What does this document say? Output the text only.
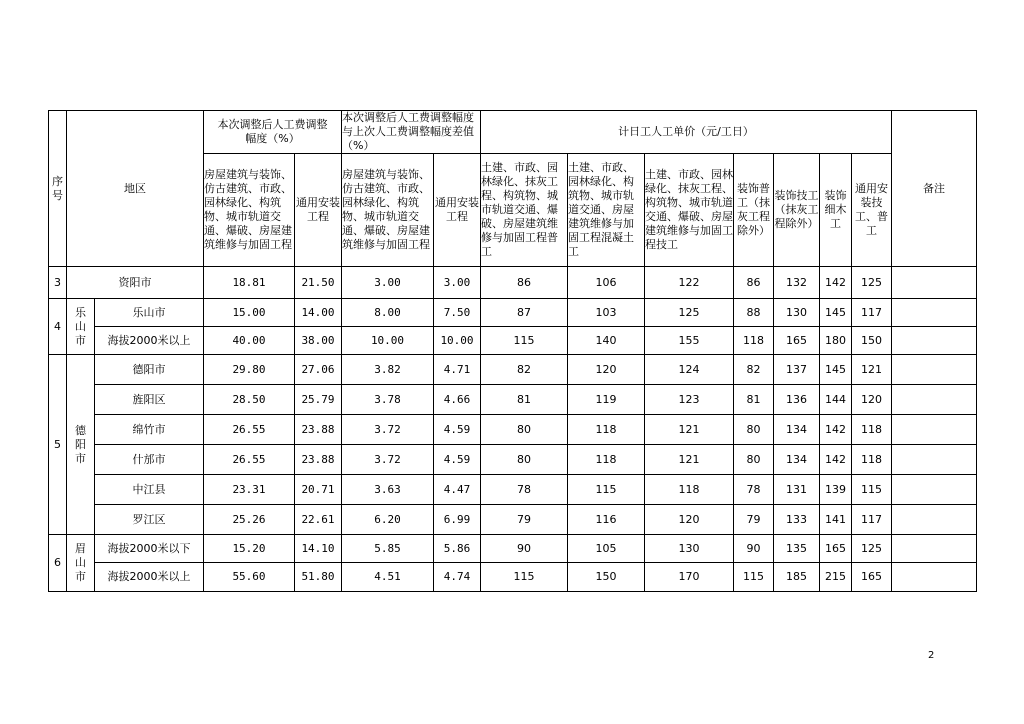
序号	地区		本次调整后人工费调整幅度（%）		本次调整后人工费调整幅度与上次人工费调整幅度差值（%）		计日工人工单价（元/工日）							备注
			房屋建筑与装饰、仿古建筑、市政、园林绿化、构筑物、城市轨道交通、爆破、房屋建筑维修与加固工程	通用安装工程	房屋建筑与装饰、仿古建筑、市政、园林绿化、构筑物、城市轨道交通、爆破、房屋建筑维修与加固工程	通用安装工程	土建、市政、园林绿化、抹灰工程、构筑物、城市轨道交通、爆破、房屋建筑维修与加固工程普工	土建、市政、园林绿化、构筑物、城市轨道交通、房屋建筑维修与加固工程混凝土工	土建、市政、园林绿化、抹灰工程、构筑物、城市轨道交通、爆破、房屋建筑维修与加固工程技工	装饰普工（抹灰工程除外）	装饰技工（抹灰工程除外）	装饰细木工	通用安装技工、普工	
3	资阳市		18.81	21.50	3.00	3.00	86	106	122	86	132	142	125	
4	乐山市	乐山市	15.00	14.00	8.00	7.50	87	103	125	88	130	145	117	
		海拔2000米以上	40.00	38.00	10.00	10.00	115	140	155	118	165	180	150	
5	德阳市	德阳市	29.80	27.06	3.82	4.71	82	120	124	82	137	145	121	
		旌阳区	28.50	25.79	3.78	4.66	81	119	123	81	136	144	120	
		绵竹市	26.55	23.88	3.72	4.59	80	118	121	80	134	142	118	
		什邡市	26.55	23.88	3.72	4.59	80	118	121	80	134	142	118	
		中江县	23.31	20.71	3.63	4.47	78	115	118	78	131	139	115	
		罗江区	25.26	22.61	6.20	6.99	79	116	120	79	133	141	117	
6	眉山市	海拔2000米以下	15.20	14.10	5.85	5.86	90	105	130	90	135	165	125	
		海拔2000米以上	55.60	51.80	4.51	4.74	115	150	170	115	185	215	165	
2
